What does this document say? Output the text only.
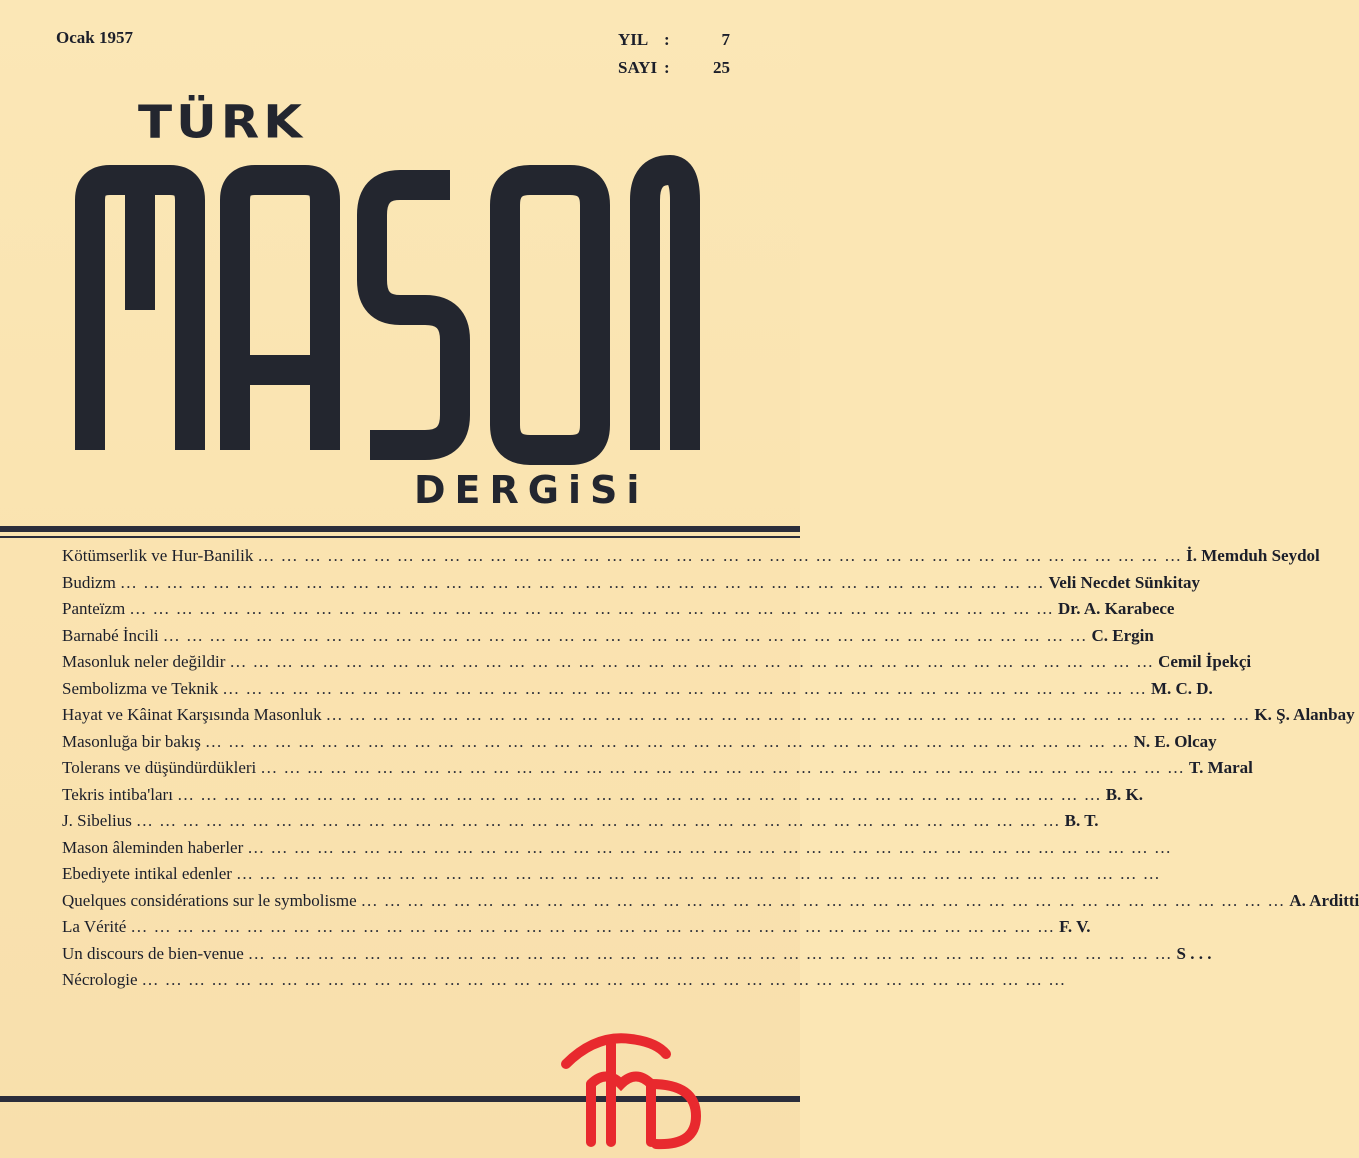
Ocak 1957	YIL :	7
SAYI :	25
TÜRK
DERGiSi
Kötümserlik ve Hur-Banilik … … … … … … … … … … … … … … … … … … … … … … … … … … … … … … … … … … … … … … … … İ. Memduh Seydol
Budizm … … … … … … … … … … … … … … … … … … … … … … … … … … … … … … … … … … … … … … … … Veli Necdet Sünkitay
Panteïzm … … … … … … … … … … … … … … … … … … … … … … … … … … … … … … … … … … … … … … … … Dr. A. Karabece
Barnabé İncili … … … … … … … … … … … … … … … … … … … … … … … … … … … … … … … … … … … … … … … … C. Ergin
Masonluk neler değildir … … … … … … … … … … … … … … … … … … … … … … … … … … … … … … … … … … … … … … … … Cemil İpekçi
Sembolizma ve Teknik … … … … … … … … … … … … … … … … … … … … … … … … … … … … … … … … … … … … … … … … M. C. D.
Hayat ve Kâinat Karşısında Masonluk … … … … … … … … … … … … … … … … … … … … … … … … … … … … … … … … … … … … … … … … K. Ş. Alanbay
Masonluğa bir bakış … … … … … … … … … … … … … … … … … … … … … … … … … … … … … … … … … … … … … … … … N. E. Olcay
Tolerans ve düşündürdükleri … … … … … … … … … … … … … … … … … … … … … … … … … … … … … … … … … … … … … … … … T. Maral
Tekris intiba'ları … … … … … … … … … … … … … … … … … … … … … … … … … … … … … … … … … … … … … … … … B. K.
J. Sibelius … … … … … … … … … … … … … … … … … … … … … … … … … … … … … … … … … … … … … … … … B. T.
Mason âleminden haberler … … … … … … … … … … … … … … … … … … … … … … … … … … … … … … … … … … … … … … … …
Ebediyete intikal edenler … … … … … … … … … … … … … … … … … … … … … … … … … … … … … … … … … … … … … … … …
Quelques considérations sur le symbolisme … … … … … … … … … … … … … … … … … … … … … … … … … … … … … … … … … … … … … … … … A. Arditti
La Vérité … … … … … … … … … … … … … … … … … … … … … … … … … … … … … … … … … … … … … … … … F. V.
Un discours de bien-venue … … … … … … … … … … … … … … … … … … … … … … … … … … … … … … … … … … … … … … … … S . . .
Nécrologie … … … … … … … … … … … … … … … … … … … … … … … … … … … … … … … … … … … … … … … …
